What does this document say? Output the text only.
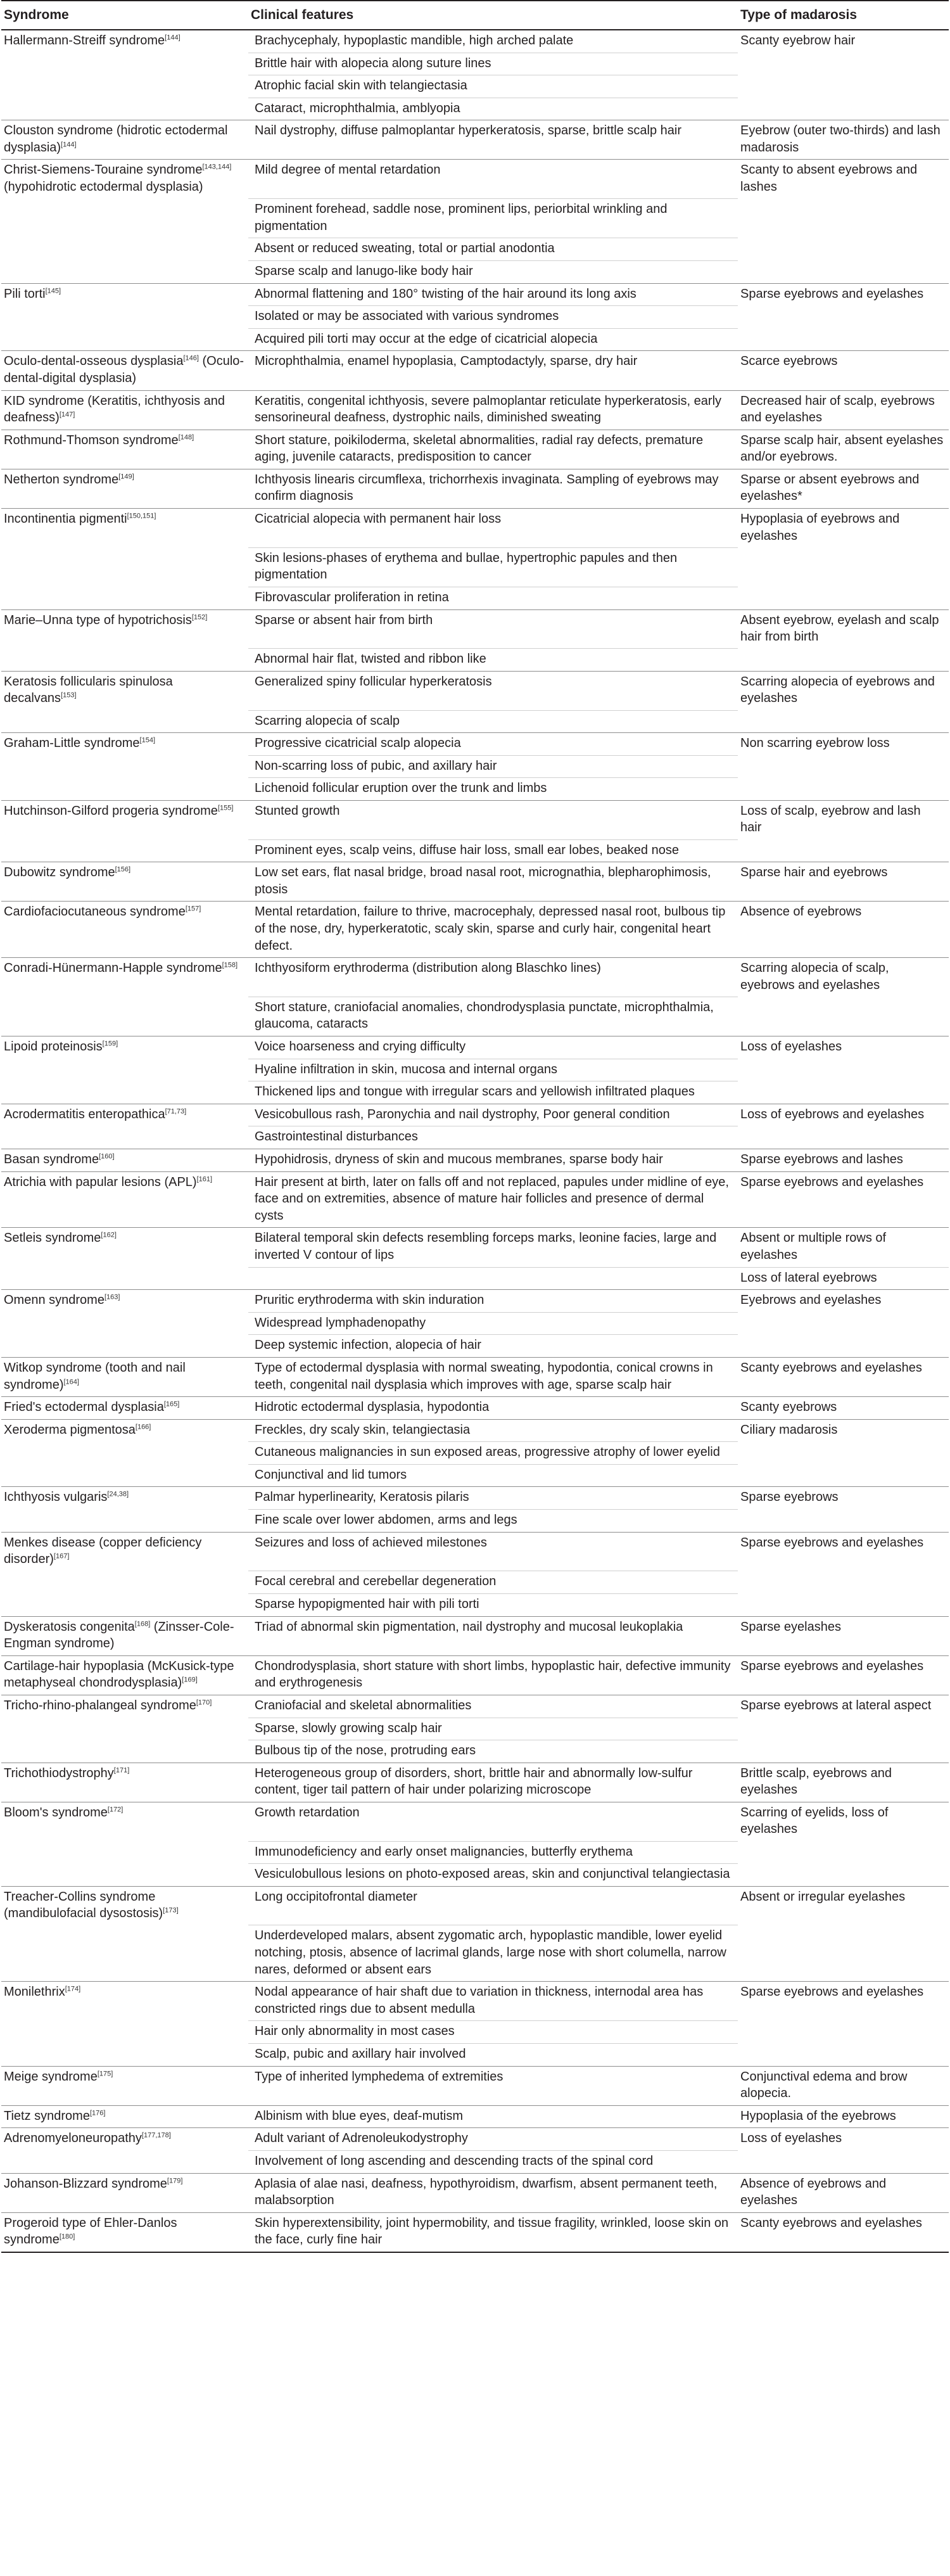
Syndrome	Clinical features	Type of madarosis
Hallermann-Streiff syndrome[144]	Brachycephaly, hypoplastic mandible, high arched palate	Scanty eyebrow hair
	Brittle hair with alopecia along suture lines	
	Atrophic facial skin with telangiectasia	
	Cataract, microphthalmia, amblyopia	
Clouston syndrome (hidrotic ectodermal dysplasia)[144]	Nail dystrophy, diffuse palmoplantar hyperkeratosis, sparse, brittle scalp hair	Eyebrow (outer two-thirds) and lash madarosis
Christ-Siemens-Touraine syndrome[143,144] (hypohidrotic ectodermal dysplasia)	Mild degree of mental retardation	Scanty to absent eyebrows and lashes
	Prominent forehead, saddle nose, prominent lips, periorbital wrinkling and pigmentation	
	Absent or reduced sweating, total or partial anodontia	
	Sparse scalp and lanugo-like body hair	
Pili torti[145]	Abnormal flattening and 180° twisting of the hair around its long axis	Sparse eyebrows and eyelashes
	Isolated or may be associated with various syndromes	
	Acquired pili torti may occur at the edge of cicatricial alopecia	
Oculo-dental-osseous dysplasia[146] (Oculo-dental-digital dysplasia)	Microphthalmia, enamel hypoplasia, Camptodactyly, sparse, dry hair	Scarce eyebrows
KID syndrome (Keratitis, ichthyosis and deafness)[147]	Keratitis, congenital ichthyosis, severe palmoplantar reticulate hyperkeratosis, early sensorineural deafness, dystrophic nails, diminished sweating	Decreased hair of scalp, eyebrows and eyelashes
Rothmund-Thomson syndrome[148]	Short stature, poikiloderma, skeletal abnormalities, radial ray defects, premature aging, juvenile cataracts, predisposition to cancer	Sparse scalp hair, absent eyelashes and/or eyebrows.
Netherton syndrome[149]	Ichthyosis linearis circumflexa, trichorrhexis invaginata. Sampling of eyebrows may confirm diagnosis	Sparse or absent eyebrows and eyelashes*
Incontinentia pigmenti[150,151]	Cicatricial alopecia with permanent hair loss	Hypoplasia of eyebrows and eyelashes
	Skin lesions-phases of erythema and bullae, hypertrophic papules and then pigmentation	
	Fibrovascular proliferation in retina	
Marie–Unna type of hypotrichosis[152]	Sparse or absent hair from birth	Absent eyebrow, eyelash and scalp hair from birth
	Abnormal hair flat, twisted and ribbon like	
Keratosis follicularis spinulosa decalvans[153]	Generalized spiny follicular hyperkeratosis	Scarring alopecia of eyebrows and eyelashes
	Scarring alopecia of scalp	
Graham-Little syndrome[154]	Progressive cicatricial scalp alopecia	Non scarring eyebrow loss
	Non-scarring loss of pubic, and axillary hair	
	Lichenoid follicular eruption over the trunk and limbs	
Hutchinson-Gilford progeria syndrome[155]	Stunted growth	Loss of scalp, eyebrow and lash hair
	Prominent eyes, scalp veins, diffuse hair loss, small ear lobes, beaked nose	
Dubowitz syndrome[156]	Low set ears, flat nasal bridge, broad nasal root, micrognathia, blepharophimosis, ptosis	Sparse hair and eyebrows
Cardiofaciocutaneous syndrome[157]	Mental retardation, failure to thrive, macrocephaly, depressed nasal root, bulbous tip of the nose, dry, hyperkeratotic, scaly skin, sparse and curly hair, congenital heart defect.	Absence of eyebrows
Conradi-Hünermann-Happle syndrome[158]	Ichthyosiform erythroderma (distribution along Blaschko lines)	Scarring alopecia of scalp, eyebrows and eyelashes
	Short stature, craniofacial anomalies, chondrodysplasia punctate, microphthalmia, glaucoma, cataracts	
Lipoid proteinosis[159]	Voice hoarseness and crying difficulty	Loss of eyelashes
	Hyaline infiltration in skin, mucosa and internal organs	
	Thickened lips and tongue with irregular scars and yellowish infiltrated plaques	
Acrodermatitis enteropathica[71,73]	Vesicobullous rash, Paronychia and nail dystrophy, Poor general condition	Loss of eyebrows and eyelashes
	Gastrointestinal disturbances	
Basan syndrome[160]	Hypohidrosis, dryness of skin and mucous membranes, sparse body hair	Sparse eyebrows and lashes
Atrichia with papular lesions (APL)[161]	Hair present at birth, later on falls off and not replaced, papules under midline of eye, face and on extremities, absence of mature hair follicles and presence of dermal cysts	Sparse eyebrows and eyelashes
Setleis syndrome[162]	Bilateral temporal skin defects resembling forceps marks, leonine facies, large and inverted V contour of lips	Absent or multiple rows of eyelashes
		Loss of lateral eyebrows
Omenn syndrome[163]	Pruritic erythroderma with skin induration	Eyebrows and eyelashes
	Widespread lymphadenopathy	
	Deep systemic infection, alopecia of hair	
Witkop syndrome (tooth and nail syndrome)[164]	Type of ectodermal dysplasia with normal sweating, hypodontia, conical crowns in teeth, congenital nail dysplasia which improves with age, sparse scalp hair	Scanty eyebrows and eyelashes
Fried's ectodermal dysplasia[165]	Hidrotic ectodermal dysplasia, hypodontia	Scanty eyebrows
Xeroderma pigmentosa[166]	Freckles, dry scaly skin, telangiectasia	Ciliary madarosis
	Cutaneous malignancies in sun exposed areas, progressive atrophy of lower eyelid	
	Conjunctival and lid tumors	
Ichthyosis vulgaris[24,38]	Palmar hyperlinearity, Keratosis pilaris	Sparse eyebrows
	Fine scale over lower abdomen, arms and legs	
Menkes disease (copper deficiency disorder)[167]	Seizures and loss of achieved milestones	Sparse eyebrows and eyelashes
	Focal cerebral and cerebellar degeneration	
	Sparse hypopigmented hair with pili torti	
Dyskeratosis congenita[168] (Zinsser-Cole-Engman syndrome)	Triad of abnormal skin pigmentation, nail dystrophy and mucosal leukoplakia	Sparse eyelashes
Cartilage-hair hypoplasia (McKusick-type metaphyseal chondrodysplasia)[169]	Chondrodysplasia, short stature with short limbs, hypoplastic hair, defective immunity and erythrogenesis	Sparse eyebrows and eyelashes
Tricho-rhino-phalangeal syndrome[170]	Craniofacial and skeletal abnormalities	Sparse eyebrows at lateral aspect
	Sparse, slowly growing scalp hair	
	Bulbous tip of the nose, protruding ears	
Trichothiodystrophy[171]	Heterogeneous group of disorders, short, brittle hair and abnormally low-sulfur content, tiger tail pattern of hair under polarizing microscope	Brittle scalp, eyebrows and eyelashes
Bloom's syndrome[172]	Growth retardation	Scarring of eyelids, loss of eyelashes
	Immunodeficiency and early onset malignancies, butterfly erythema	
	Vesiculobullous lesions on photo-exposed areas, skin and conjunctival telangiectasia	
Treacher-Collins syndrome (mandibulofacial dysostosis)[173]	Long occipitofrontal diameter	Absent or irregular eyelashes
	Underdeveloped malars, absent zygomatic arch, hypoplastic mandible, lower eyelid notching, ptosis, absence of lacrimal glands, large nose with short columella, narrow nares, deformed or absent ears	
Monilethrix[174]	Nodal appearance of hair shaft due to variation in thickness, internodal area has constricted rings due to absent medulla	Sparse eyebrows and eyelashes
	Hair only abnormality in most cases	
	Scalp, pubic and axillary hair involved	
Meige syndrome[175]	Type of inherited lymphedema of extremities	Conjunctival edema and brow alopecia.
Tietz syndrome[176]	Albinism with blue eyes, deaf-mutism	Hypoplasia of the eyebrows
Adrenomyeloneuropathy[177,178]	Adult variant of Adrenoleukodystrophy	Loss of eyelashes
	Involvement of long ascending and descending tracts of the spinal cord	
Johanson-Blizzard syndrome[179]	Aplasia of alae nasi, deafness, hypothyroidism, dwarfism, absent permanent teeth, malabsorption	Absence of eyebrows and eyelashes
Progeroid type of Ehler-Danlos syndrome[180]	Skin hyperextensibility, joint hypermobility, and tissue fragility, wrinkled, loose skin on the face, curly fine hair	Scanty eyebrows and eyelashes
